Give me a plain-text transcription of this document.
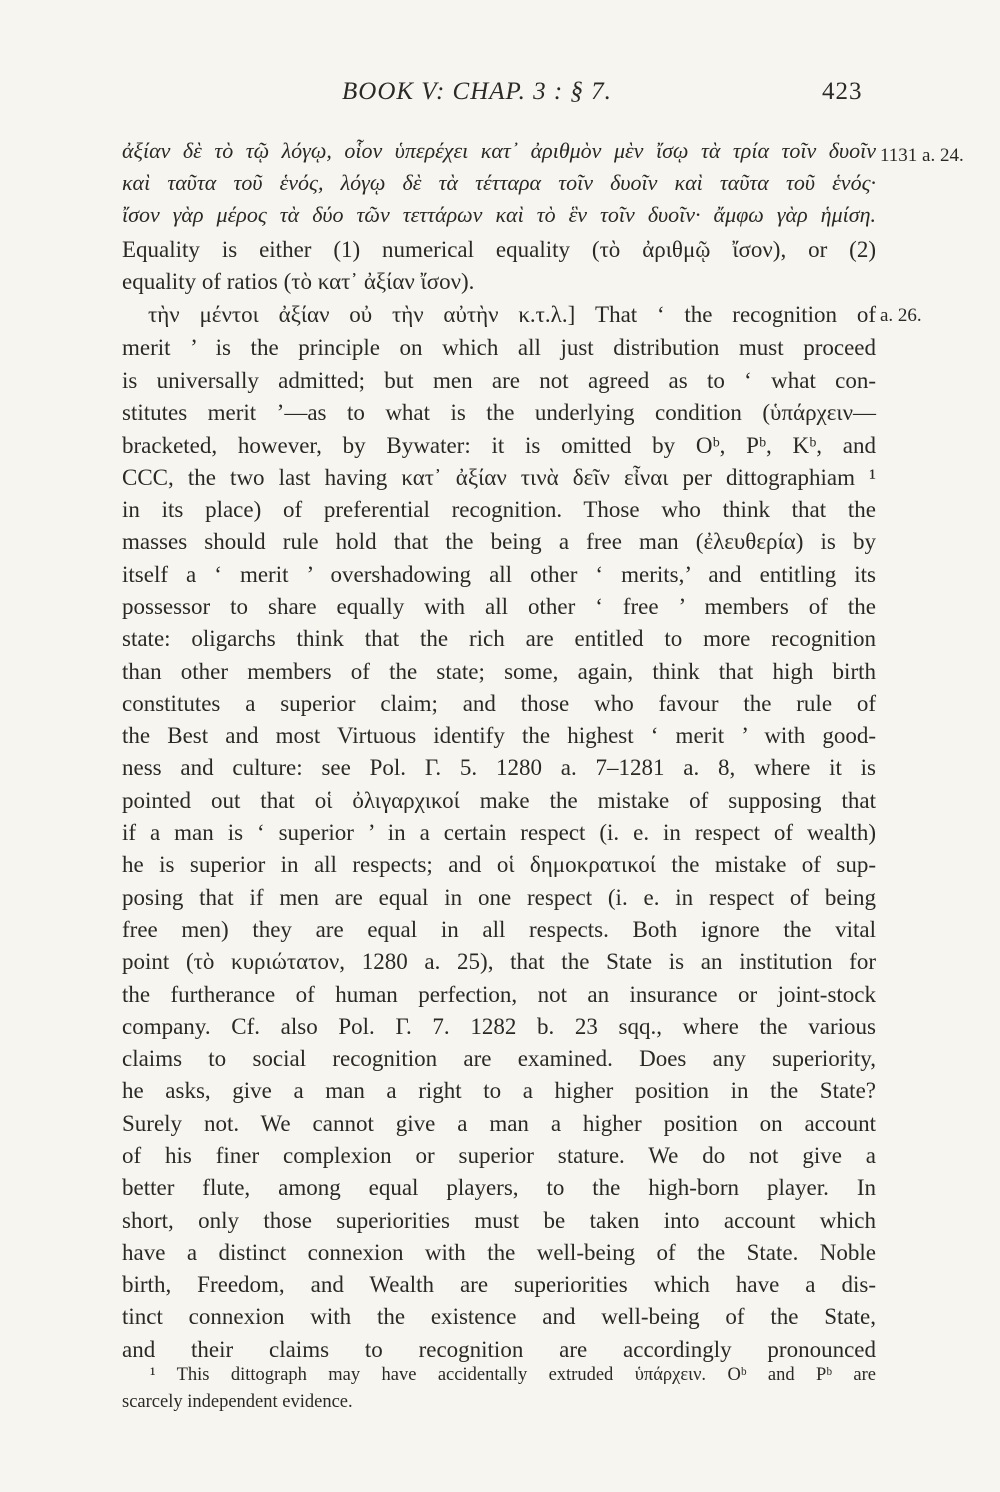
BOOK V: CHAP. 3 : § 7.	423
ἀξίαν δὲ τὸ τῷ λόγῳ, οἷον ὑπερέχει κατ᾽ ἀριθμὸν μὲν ἴσῳ τὰ τρία τοῖν δυοῖν
καὶ ταῦτα τοῦ ἑνός, λόγῳ δὲ τὰ τέτταρα τοῖν δυοῖν καὶ ταῦτα τοῦ ἑνός·
ἴσον γὰρ μέρος τὰ δύο τῶν τεττάρων καὶ τὸ ἓν τοῖν δυοῖν· ἄμφω γὰρ ἡμίση.
Equality is either (1) numerical equality (τὸ ἀριθμῷ ἴσον), or (2)
equality of ratios (τὸ κατ᾽ ἀξίαν ἴσον).
τὴν μέντοι ἀξίαν οὐ τὴν αὐτὴν κ.τ.λ.] That ‘ the recognition of
merit ’ is the principle on which all just distribution must proceed
is universally admitted; but men are not agreed as to ‘ what con-
stitutes merit ’—as to what is the underlying condition (ὑπάρχειν—
bracketed, however, by Bywater: it is omitted by Oᵇ, Pᵇ, Kᵇ, and
CCC, the two last having κατ᾽ ἀξίαν τινὰ δεῖν εἶναι per dittographiam ¹
in its place) of preferential recognition. Those who think that the
masses should rule hold that the being a free man (ἐλευθερία) is by
itself a ‘ merit ’ overshadowing all other ‘ merits,’ and entitling its
possessor to share equally with all other ‘ free ’ members of the
state: oligarchs think that the rich are entitled to more recognition
than other members of the state; some, again, think that high birth
constitutes a superior claim; and those who favour the rule of
the Best and most Virtuous identify the highest ‘ merit ’ with good-
ness and culture: see Pol. Γ. 5. 1280 a. 7–1281 a. 8, where it is
pointed out that οἱ ὀλιγαρχικοί make the mistake of supposing that
if a man is ‘ superior ’ in a certain respect (i. e. in respect of wealth)
he is superior in all respects; and οἱ δημοκρατικοί the mistake of sup-
posing that if men are equal in one respect (i. e. in respect of being
free men) they are equal in all respects. Both ignore the vital
point (τὸ κυριώτατον, 1280 a. 25), that the State is an institution for
the furtherance of human perfection, not an insurance or joint-stock
company. Cf. also Pol. Γ. 7. 1282 b. 23 sqq., where the various
claims to social recognition are examined. Does any superiority,
he asks, give a man a right to a higher position in the State?
Surely not. We cannot give a man a higher position on account
of his finer complexion or superior stature. We do not give a
better flute, among equal players, to the high-born player. In
short, only those superiorities must be taken into account which
have a distinct connexion with the well-being of the State. Noble
birth, Freedom, and Wealth are superiorities which have a dis-
tinct connexion with the existence and well-being of the State,
and their claims to recognition are accordingly pronounced
1131 a. 24.
a. 26.
¹ This dittograph may have accidentally extruded ὑπάρχειν. Oᵇ and Pᵇ are
scarcely independent evidence.
